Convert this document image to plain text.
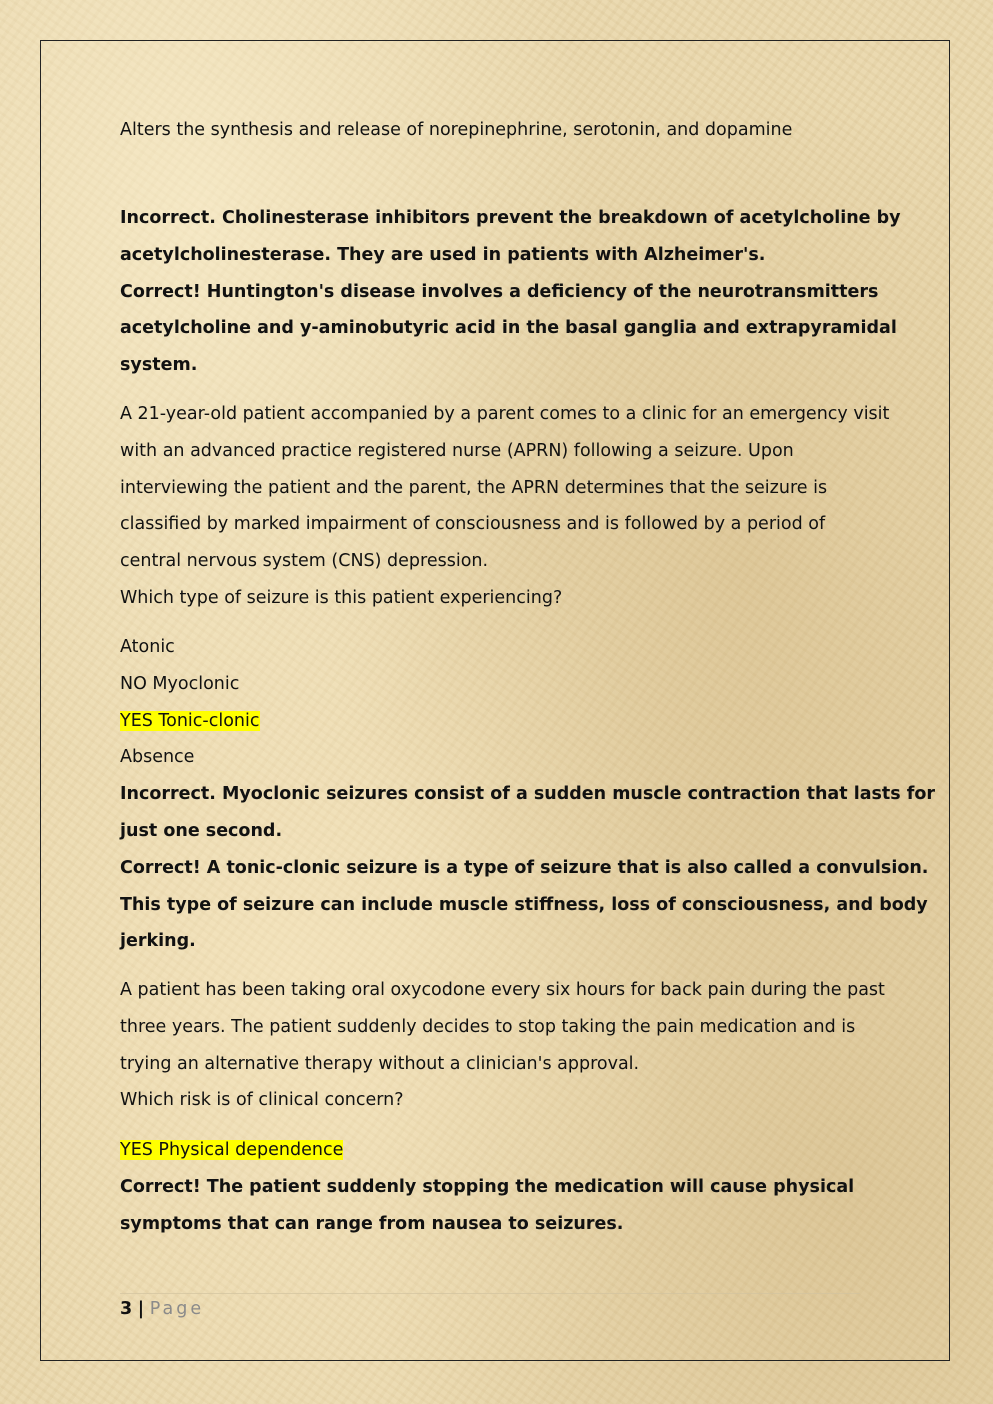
Alters the synthesis and release of norepinephrine, serotonin, and dopamine

Incorrect. Cholinesterase inhibitors prevent the breakdown of acetylcholine by

acetylcholinesterase. They are used in patients with Alzheimer's.

Correct! Huntington's disease involves a deficiency of the neurotransmitters

acetylcholine and y-aminobutyric acid in the basal ganglia and extrapyramidal

system.

A 21-year-old patient accompanied by a parent comes to a clinic for an emergency visit

with an advanced practice registered nurse (APRN) following a seizure. Upon

interviewing the patient and the parent, the APRN determines that the seizure is

classified by marked impairment of consciousness and is followed by a period of

central nervous system (CNS) depression.

Which type of seizure is this patient experiencing?

Atonic

NO Myoclonic

YES Tonic-clonic

Absence

Incorrect. Myoclonic seizures consist of a sudden muscle contraction that lasts for

just one second.

Correct! A tonic-clonic seizure is a type of seizure that is also called a convulsion.

This type of seizure can include muscle stiffness, loss of consciousness, and body

jerking.

A patient has been taking oral oxycodone every six hours for back pain during the past

three years. The patient suddenly decides to stop taking the pain medication and is

trying an alternative therapy without a clinician's approval.

Which risk is of clinical concern?

YES Physical dependence

Correct! The patient suddenly stopping the medication will cause physical

symptoms that can range from nausea to seizures.

3 | Page
